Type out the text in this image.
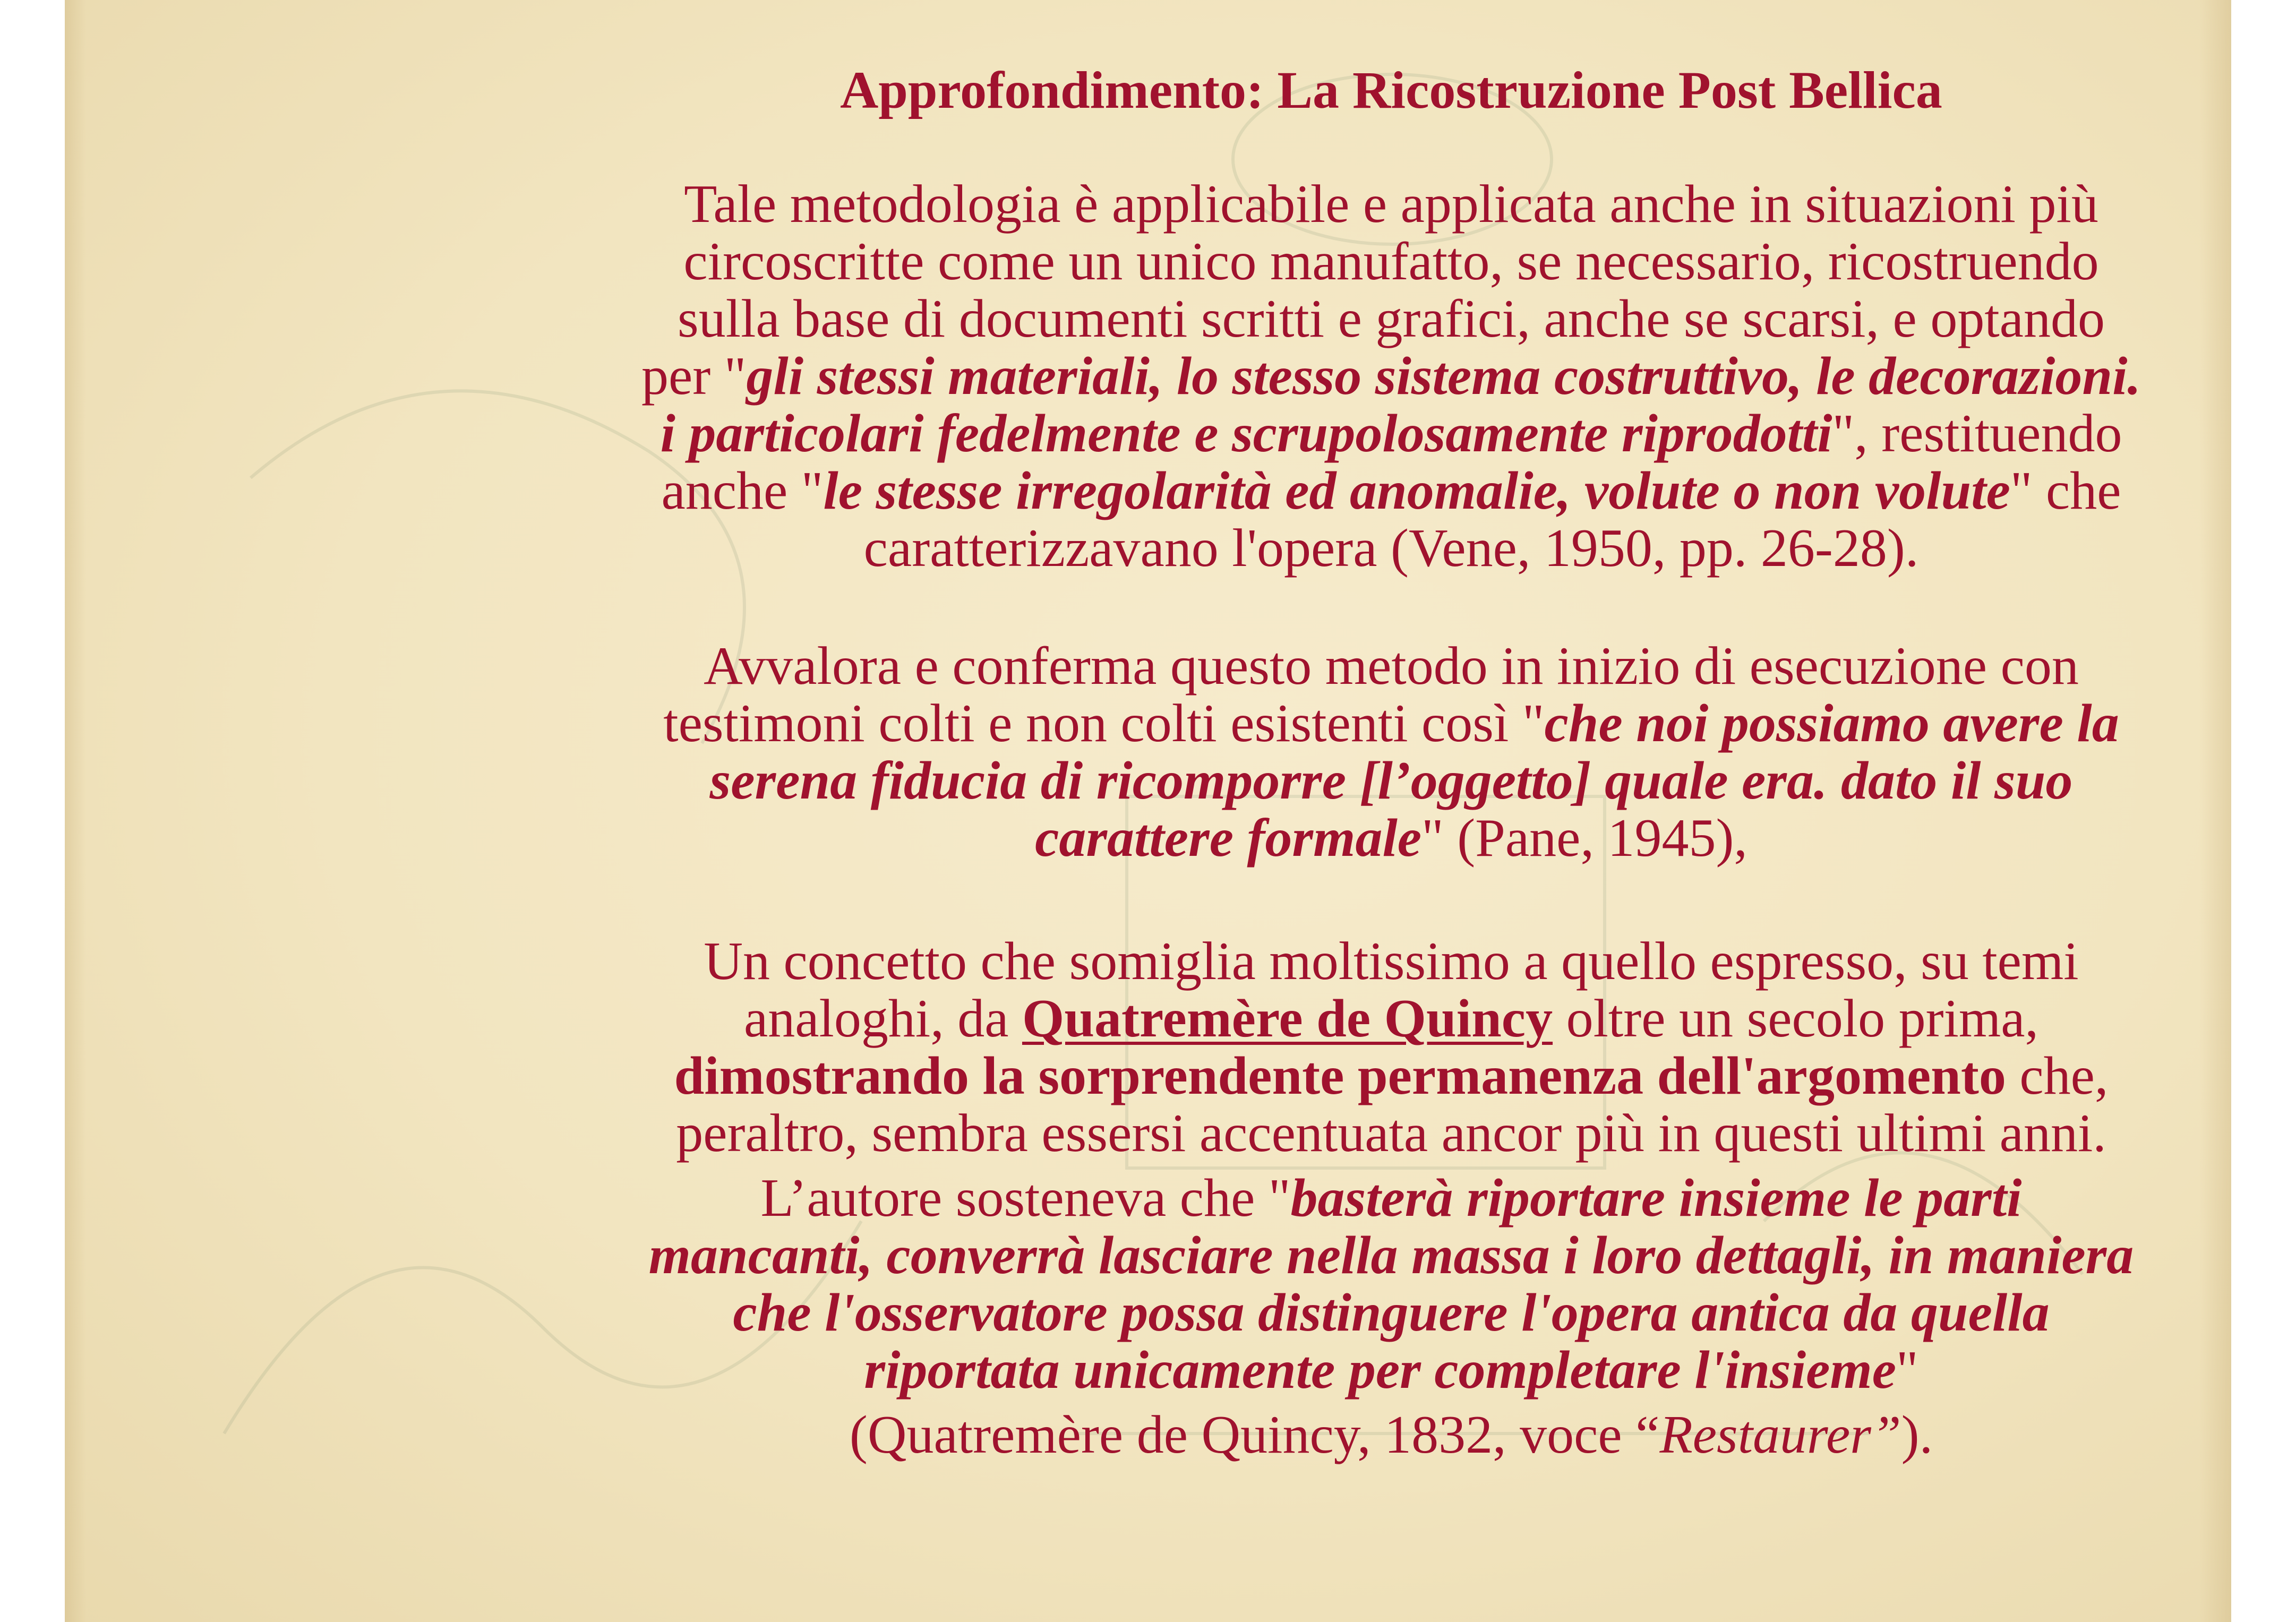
Approfondimento: La Ricostruzione Post Bellica

Tale metodologia è applicabile e applicata anche in situazioni più
circoscritte come un unico manufatto, se necessario, ricostruendo
sulla base di documenti scritti e grafici, anche se scarsi, e optando
per "gli stessi materiali, lo stesso sistema costruttivo, le decorazioni.
i particolari fedelmente e scrupolosamente riprodotti", restituendo
anche "le stesse irregolarità ed anomalie, volute o non volute" che
caratterizzavano l'opera (Vene, 1950, pp. 26-28).

Avvalora e conferma questo metodo in inizio di esecuzione con
testimoni colti e non colti esistenti così "che noi possiamo avere la
serena fiducia di ricomporre [l’oggetto] quale era. dato il suo
carattere formale" (Pane, 1945),

Un concetto che somiglia moltissimo a quello espresso, su temi
analoghi, da Quatremère de Quincy oltre un secolo prima,
dimostrando la sorprendente permanenza dell'argomento che,
peraltro, sembra essersi accentuata ancor più in questi ultimi anni.

L’autore sosteneva che "basterà riportare insieme le parti
mancanti, converrà lasciare nella massa i loro dettagli, in maniera
che l'osservatore possa distinguere l'opera antica da quella
riportata unicamente per completare l'insieme"

(Quatremère de Quincy, 1832, voce “Restaurer”).
